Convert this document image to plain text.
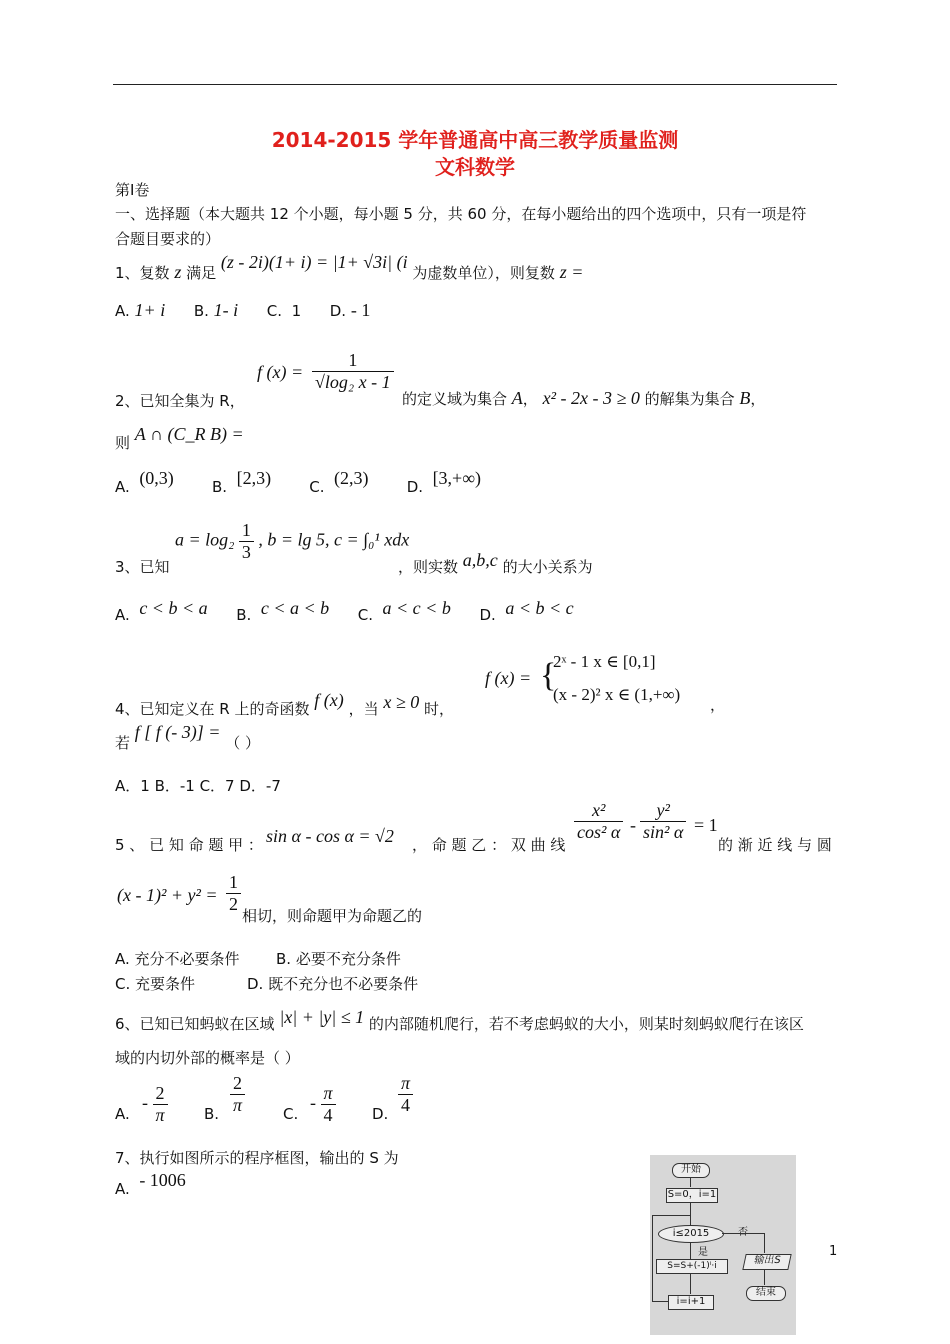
2014-2015 学年普通高中高三教学质量监测
文科数学
第Ⅰ卷
一、选择题（本大题共 12 个小题，每小题 5 分，共 60 分，在每小题给出的四个选项中，只有一项是符
合题目要求的）
1、复数 z 满足 (z - 2i)(1+ i) = |1+ √3i| (i 为虚数单位），则复数 z =
A. 1+ i B. 1- i C. 1 D. - 1
2、已知全集为 R，
f $(x) = \frac{1}{\text{√log₂ x - 1}}$
的定义域为集合 A， x² - 2x - 3 ≥ 0 的解集为集合 B，
则 A ∩ (C_R B) =
A. (0,3)	B. [2,3)	C. (2,3)	D. [3,+∞)
3、已知
$a = \log_2 \frac{1}{3}$ , b = lg 5, c = ∫₀¹ xdx
，则实数 a,b,c 的大小关系为
A. c < b < a B. c < a < b C. a < c < b D. a < b < c
4、已知定义在 R 上的奇函数 f (x) ，当 x ≥ 0 时，
f (x) = {
2ˣ - 1 x ∈ [0,1]
(x - 2)² x ∈ (1,+∞)
，
若 f [ f (- 3)] = （ ）
A．1 B．-1 C．7 D．-7
5 、 已 知 命 题 甲 ： sin α - cos α = √2 ， 命 题 乙 ： 双 曲 线
$\frac{\text{x²}}{\text{cos² α}} - \frac{\text{y²}}{\text{sin² α}} = 1$
的 渐 近 线 与 圆
$(x - 1)^2 + y^2 = \frac{1}{2}$
相切，则命题甲为命题乙的
A. 充分不必要条件 B. 必要不充分条件
C. 充要条件	D. 既不充分也不必要条件
6、已知已知蚂蚁在区域 |x| + |y| ≤ 1 的内部随机爬行，若不考虑蚂蚁的大小，则某时刻蚂蚁爬行在该区
域的内切外部的概率是（ ）
A.
- $\frac{2}{\pi} B$. $\frac{2}{\pi}$	C.
- $\frac{\pi}{4} D$. $\frac{\pi}{4}$
7、执行如图所示的程序框图，输出的 S 为
A. - 1006
开始
S=0，i=1
i≤2015
是
输出S
结束
S=S+(-1)ⁱ·i
i=i+1
1
